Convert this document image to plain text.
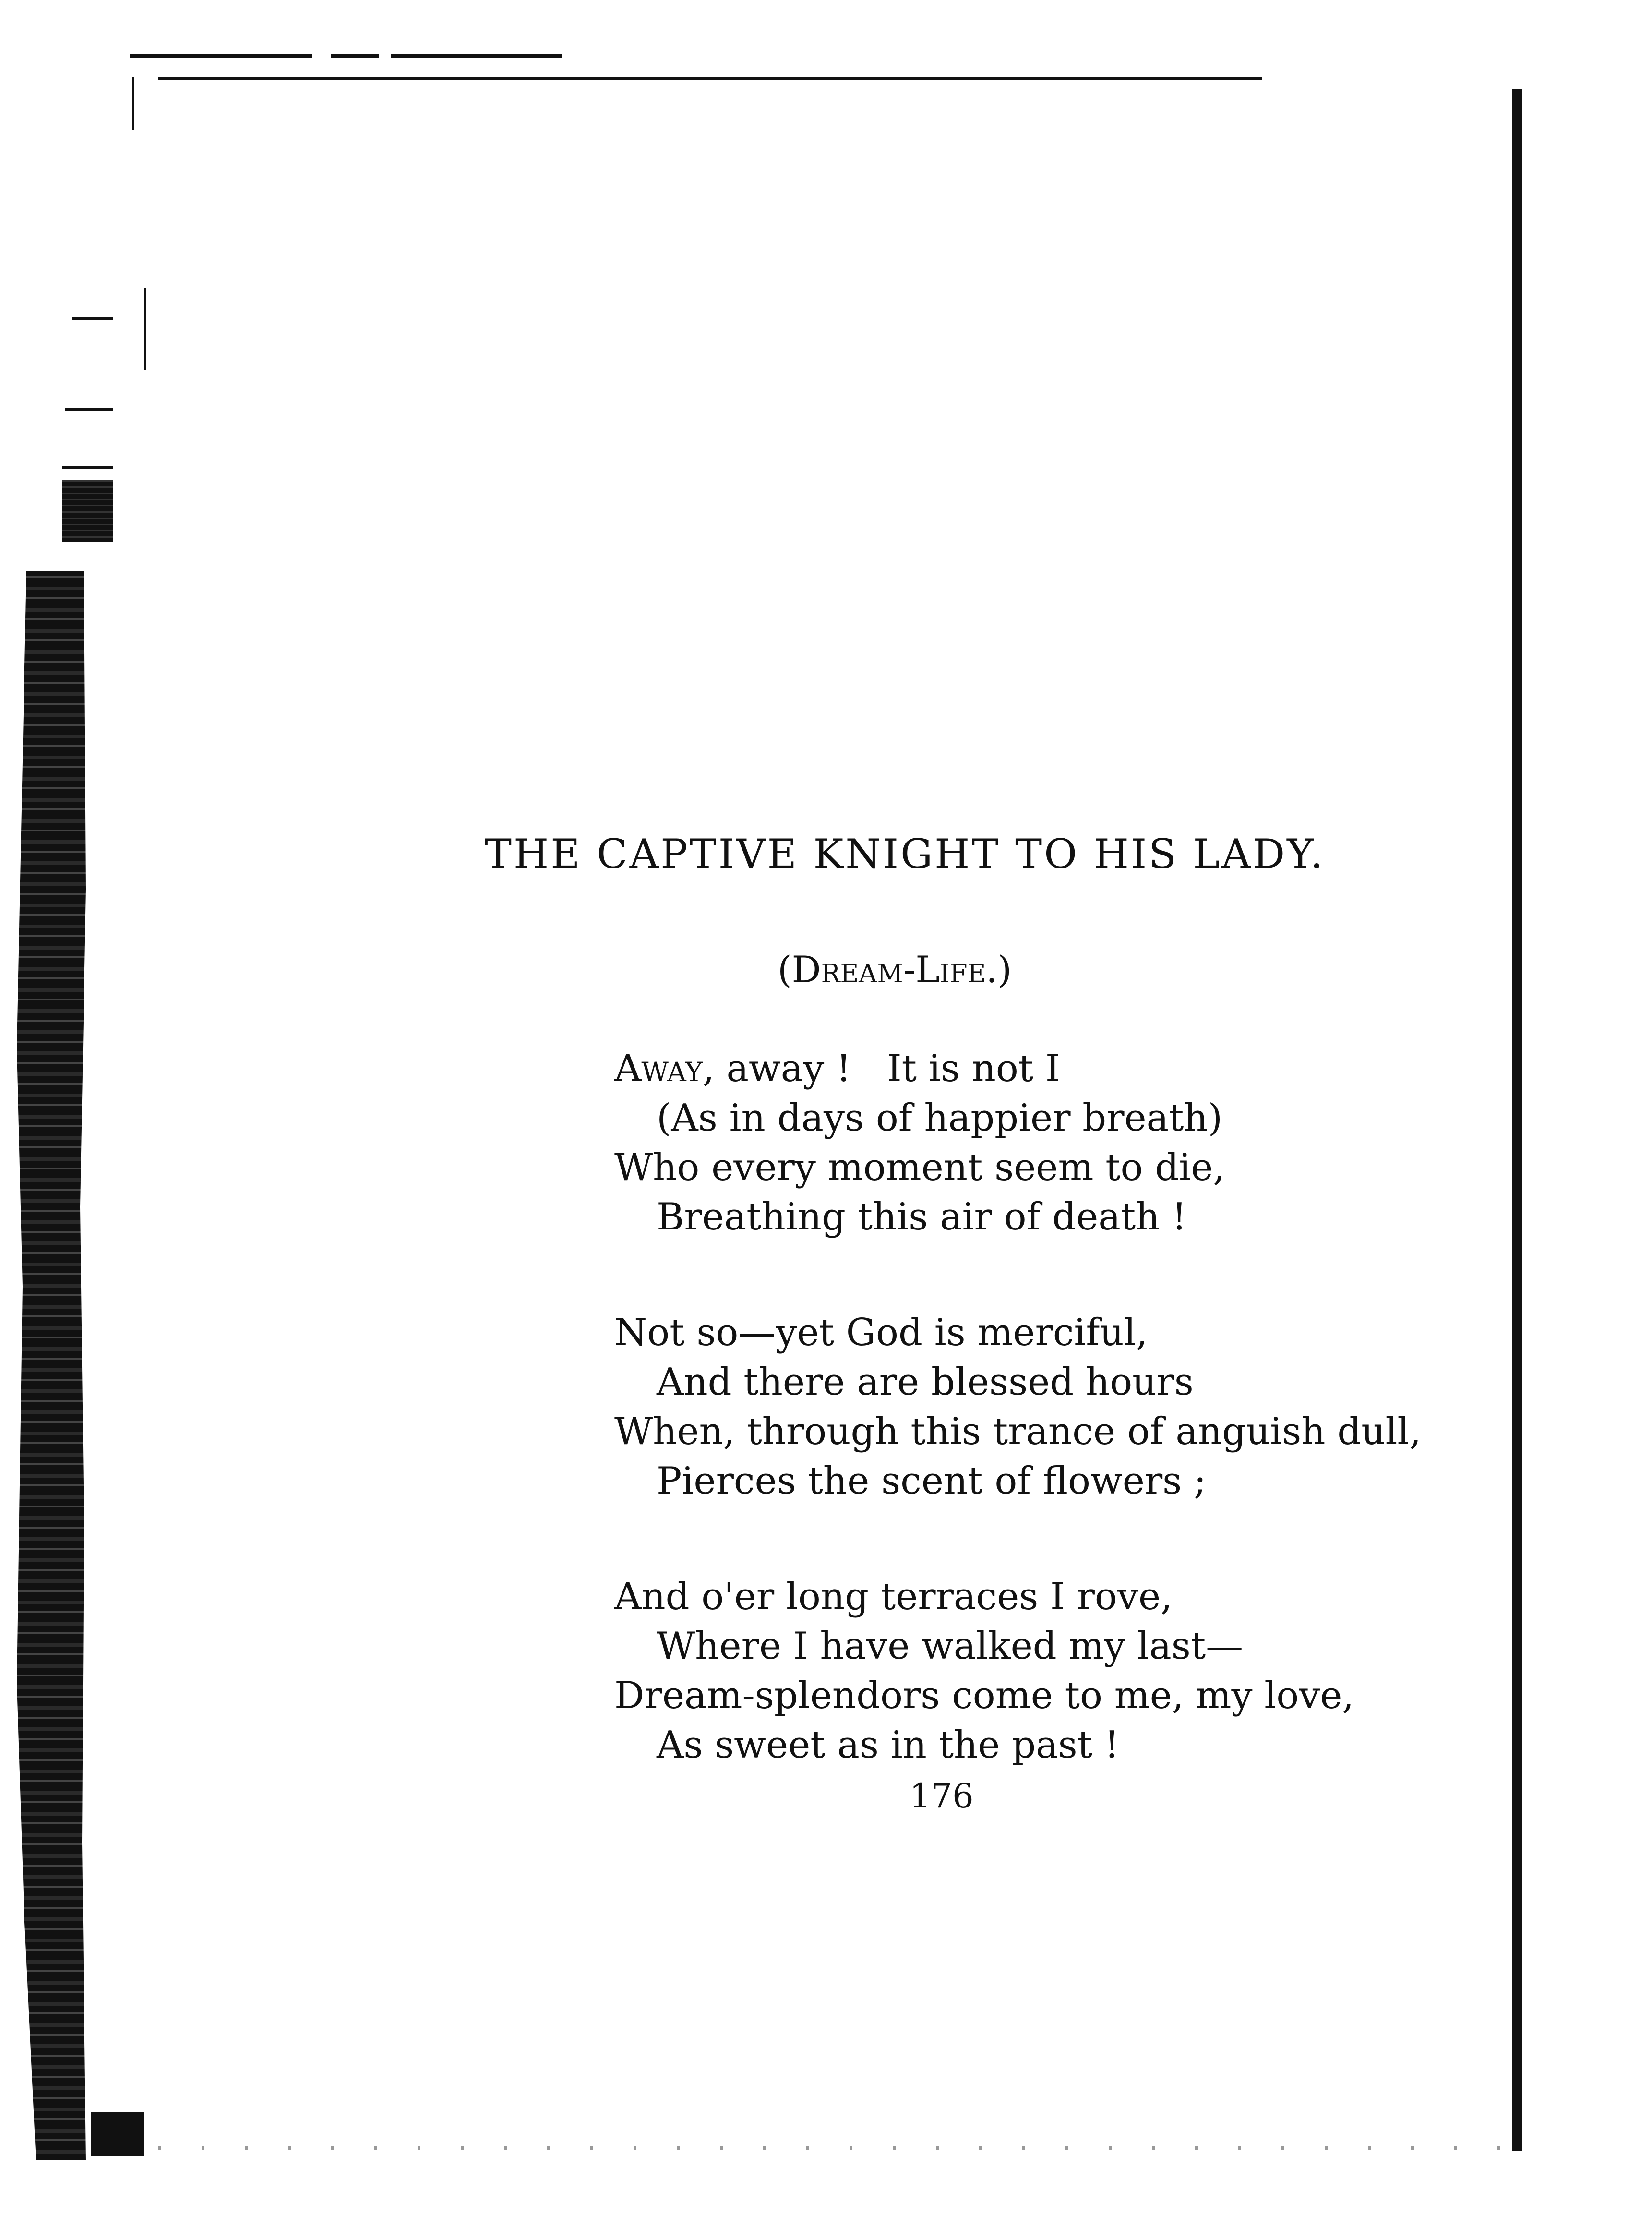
THE CAPTIVE KNIGHT TO HIS LADY.

(Dream-Life.)

Away, away !   It is not I
(As in days of happier breath)
Who every moment seem to die,
Breathing this air of death !
Not so—yet God is merciful,
And there are blessed hours
When, through this trance of anguish dull,
Pierces the scent of flowers ;
And o'er long terraces I rove,
Where I have walked my last—
Dream-splendors come to me, my love,
As sweet as in the past !
176
